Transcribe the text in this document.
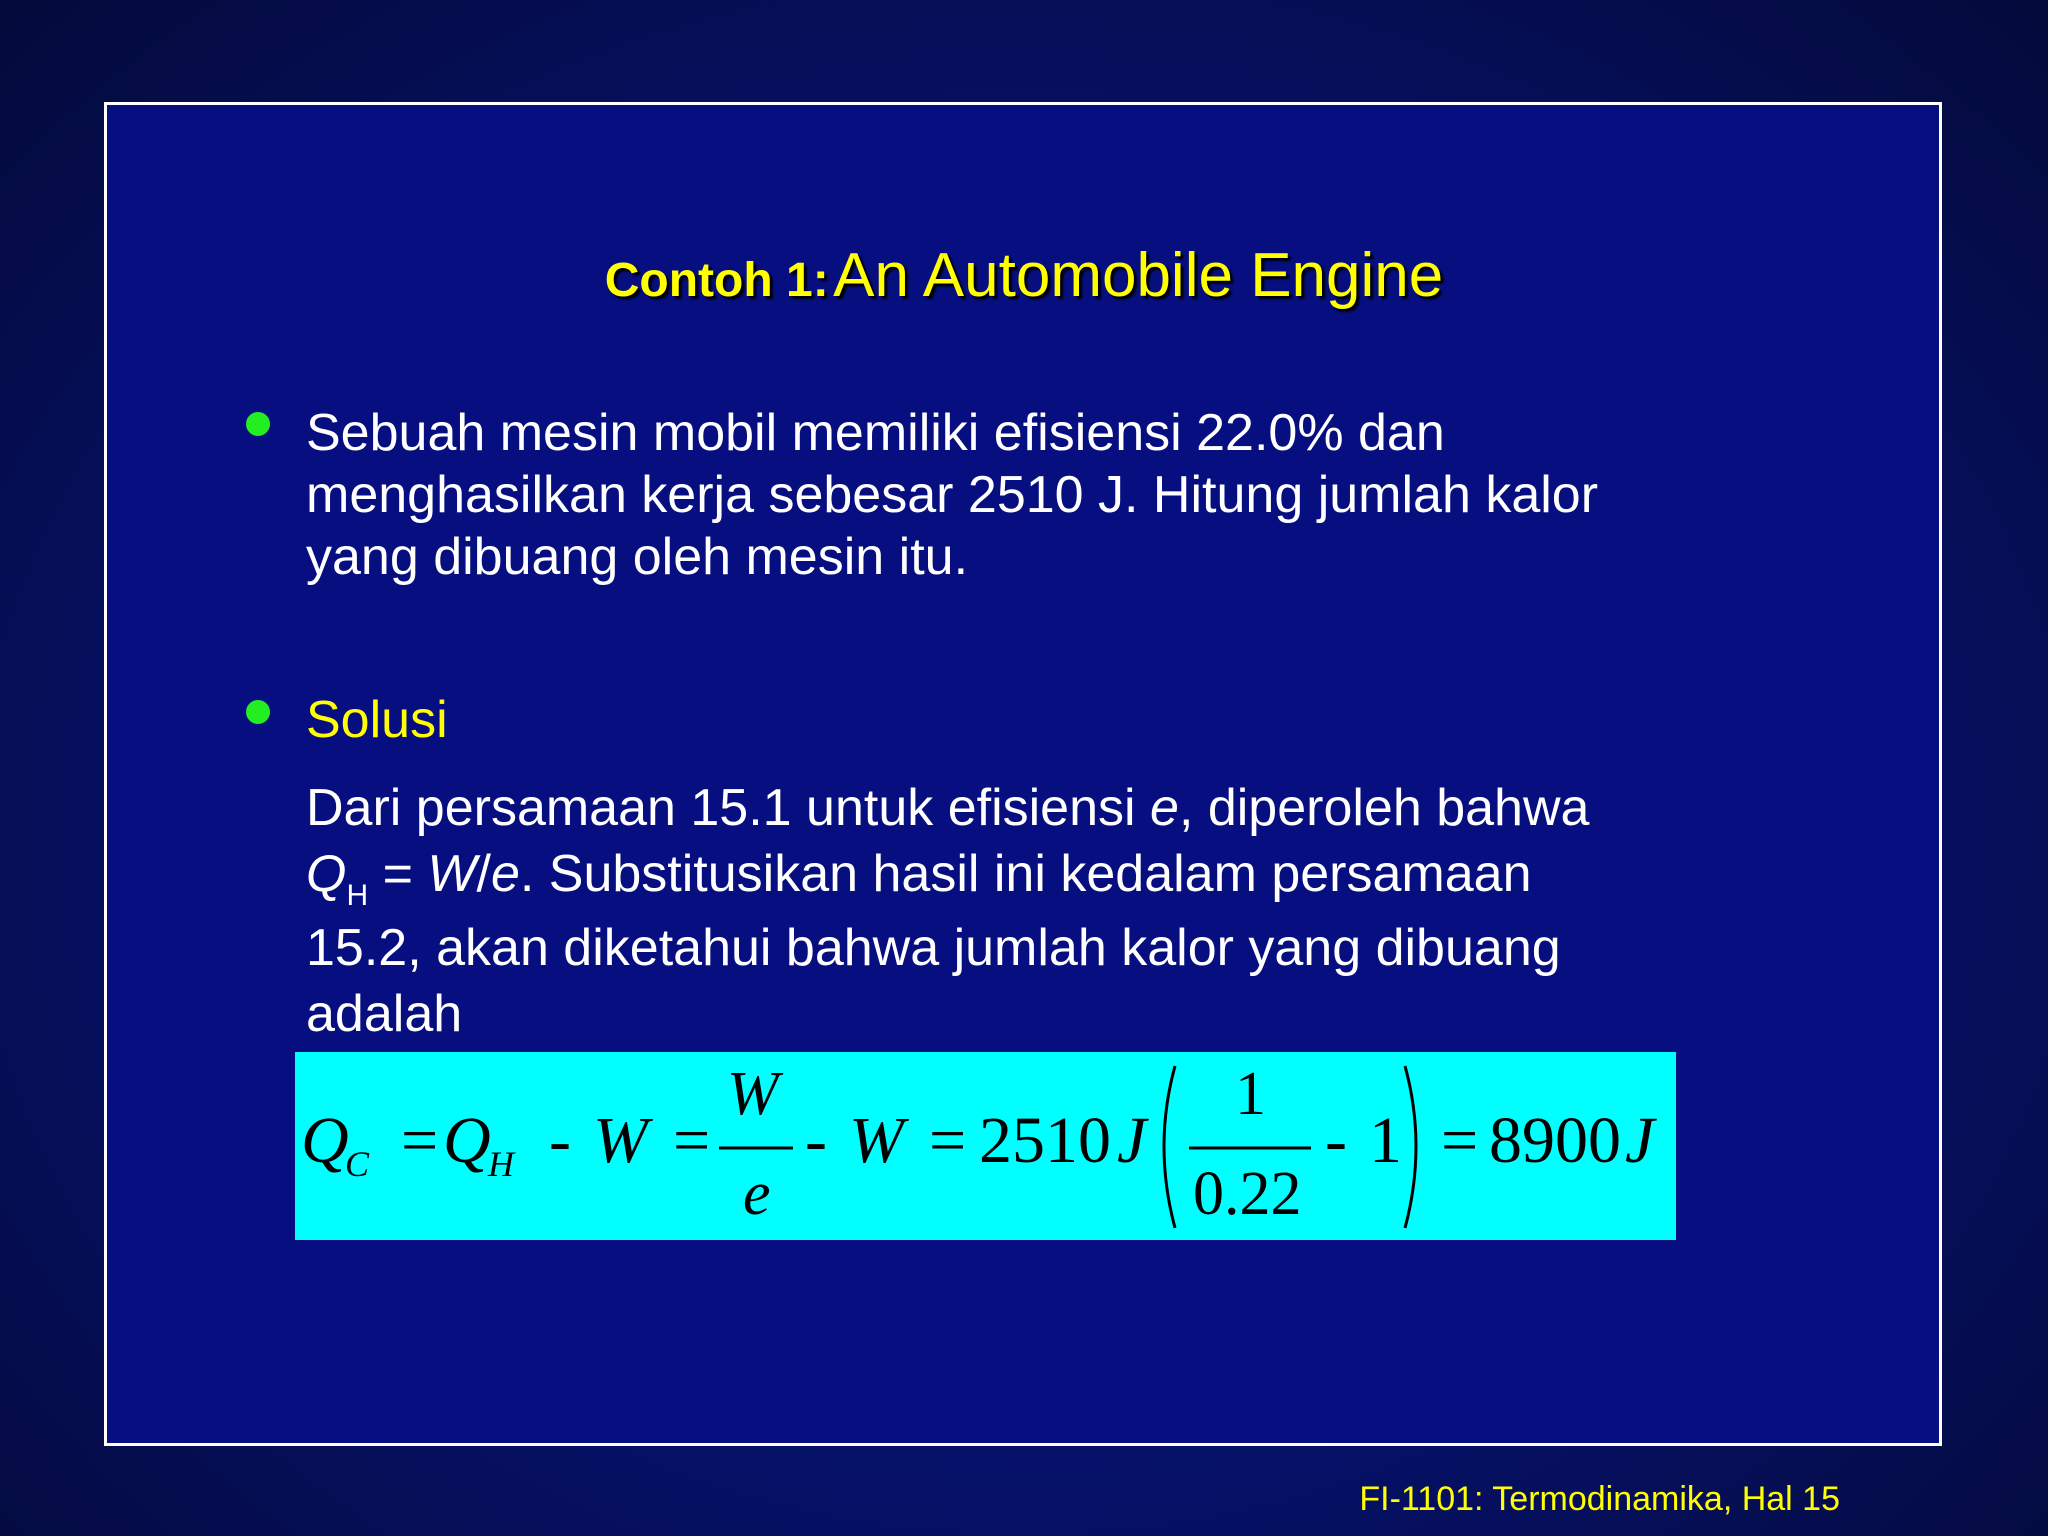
Contoh 1: An Automobile Engine
Sebuah mesin mobil memiliki efisiensi 22.0% dan
menghasilkan kerja sebesar 2510 J. Hitung jumlah kalor
yang dibuang oleh mesin itu.
Solusi
Dari persamaan 15.1 untuk efisiensi e, diperoleh bahwa
$Q_H = W/e$. Substitusikan hasil ini kedalam persamaan
15.2, akan diketahui bahwa jumlah kalor yang dibuang
adalah
Q
C = Q
H - W =
W
e
- W = 2510 J
1
0.22
- 1 = 8900 J
FI-1101: Termodinamika, Hal 15
